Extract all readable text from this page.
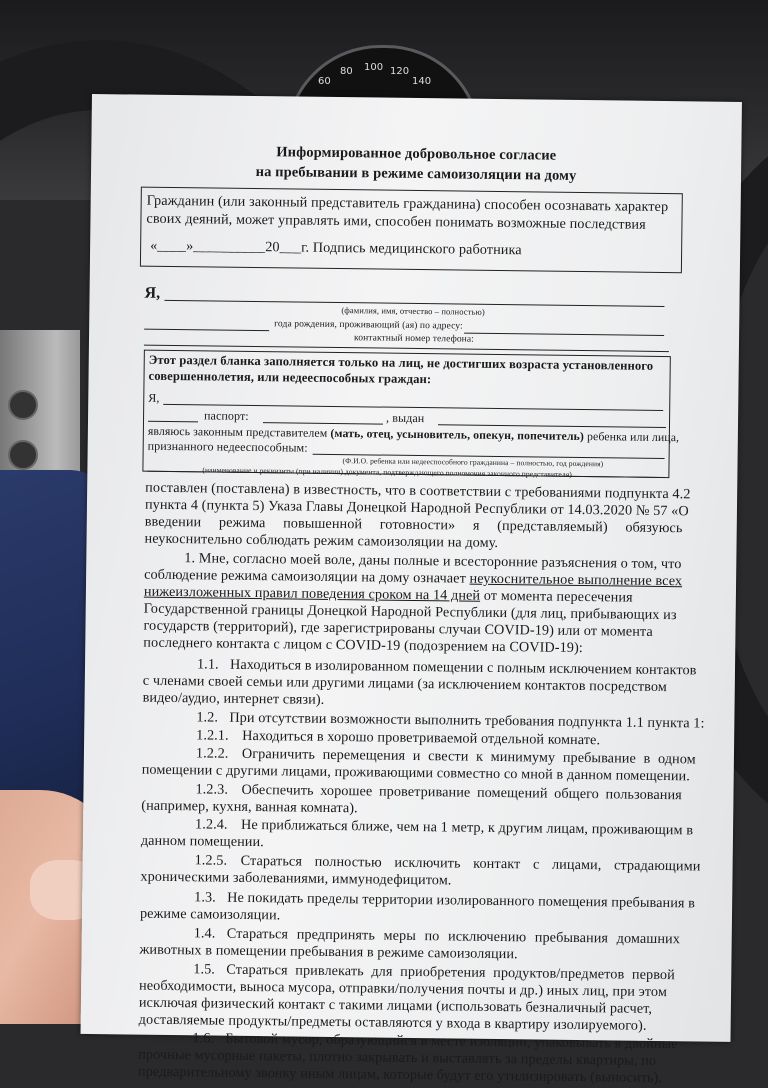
60
80 100 120
140
Информированное добровольное согласие
на пребывании в режиме самоизоляции на дому
Гражданин (или законный представитель гражданина) способен осознавать характер
своих деяний, может управлять ими, способен понимать возможные последствия
«____»__________20___г. Подпись медицинского работника
Я,
(фамилия, имя, отчество – полностью)
года рождения, проживающий (ая) по адресу:
контактный номер телефона:
Этот раздел бланка заполняется только на лиц, не достигших возраста установленного
совершеннолетия, или недееспособных граждан:
Я,
паспорт:	, выдан
являюсь законным представителем (мать, отец, усыновитель, опекун, попечитель) ребенка или лица,
признанного недееспособным:
(Ф.И.О. ребенка или недееспособного гражданина – полностью, год рождения)
(наименование и реквизиты (при наличии) документа, подтверждающего полномочия законного представителя)
поставлен (поставлена) в известность, что в соответствии с требованиями подпункта 4.2
пункта 4 (пункта 5) Указа Главы Донецкой Народной Республики от 14.03.2020 № 57 «О
введении режима повышенной готовности» я (представляемый) обязуюсь
неукоснительно соблюдать режим самоизоляции на дому.
1. Мне, согласно моей воле, даны полные и всесторонние разъяснения о том, что
соблюдение режима самоизоляции на дому означает неукоснительное выполнение всех
нижеизложенных правил поведения сроком на 14 дней от момента пересечения
Государственной границы Донецкой Народной Республики (для лиц, прибывающих из
государств (территорий), где зарегистрированы случаи COVID-19) или от момента
последнего контакта с лицом с COVID-19 (подозрением на COVID-19):
1.1. Находиться в изолированном помещении с полным исключением контактов
с членами своей семьи или другими лицами (за исключением контактов посредством
видео/аудио, интернет связи).
1.2. При отсутствии возможности выполнить требования подпункта 1.1 пункта 1:
1.2.1. Находиться в хорошо проветриваемой отдельной комнате.
1.2.2. Ограничить перемещения и свести к минимуму пребывание в одном
помещении с другими лицами, проживающими совместно со мной в данном помещении.
1.2.3. Обеспечить хорошее проветривание помещений общего пользования
(например, кухня, ванная комната).
1.2.4. Не приближаться ближе, чем на 1 метр, к другим лицам, проживающим в
данном помещении.
1.2.5. Стараться полностью исключить контакт с лицами, страдающими
хроническими заболеваниями, иммунодефицитом.
1.3. Не покидать пределы территории изолированного помещения пребывания в
режиме самоизоляции.
1.4. Стараться предпринять меры по исключению пребывания домашних
животных в помещении пребывания в режиме самоизоляции.
1.5. Стараться привлекать для приобретения продуктов/предметов первой
необходимости, выноса мусора, отправки/получения почты и др.) иных лиц, при этом
исключая физический контакт с такими лицами (использовать безналичный расчет,
доставляемые продукты/предметы оставляются у входа в квартиру изолируемого).
1.6. Бытовой мусор, образующийся в месте изоляции, упаковывать в двойные
прочные мусорные пакеты, плотно закрывать и выставлять за пределы квартиры, по
предварительному звонку иным лицам, которые будут его утилизировать (выносить).
